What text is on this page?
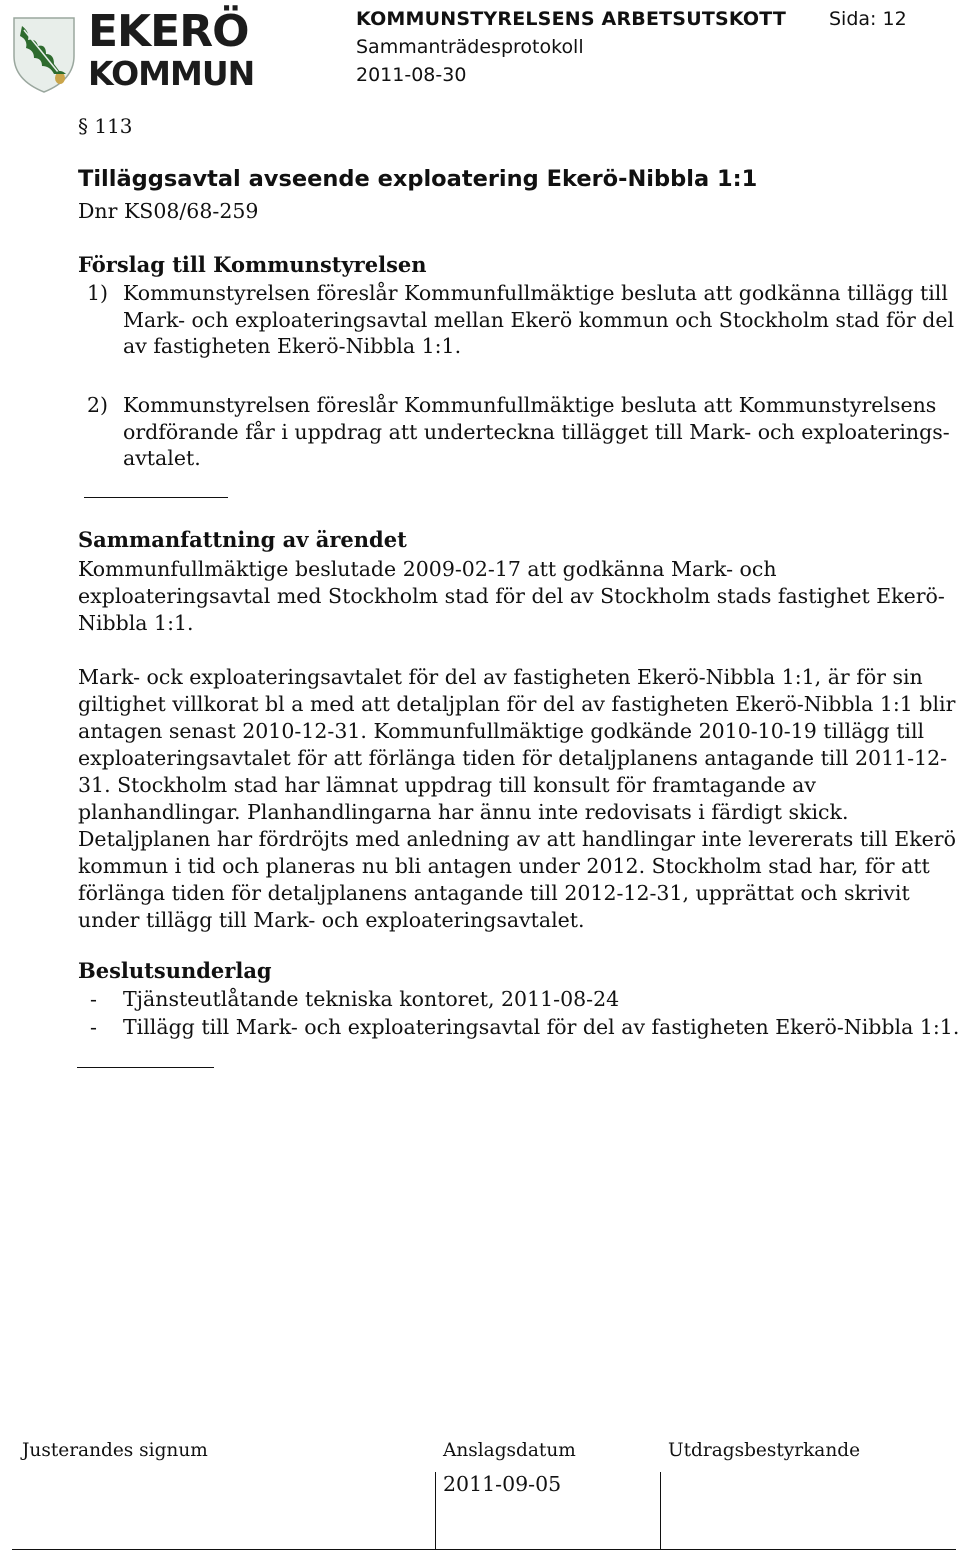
EKERÖ
KOMMUN
KOMMUNSTYRELSENS ARBETSUTSKOTT Sida: 12
Sammanträdesprotokoll
2011-08-30
§ 113
Tilläggsavtal avseende exploatering Ekerö-Nibbla 1:1
Dnr KS08/68-259
Förslag till Kommunstyrelsen
1) Kommunstyrelsen föreslår Kommunfullmäktige besluta att godkänna tillägg till Mark- och exploateringsavtal mellan Ekerö kommun och Stockholm stad för del av fastigheten Ekerö-Nibbla 1:1.
2) Kommunstyrelsen föreslår Kommunfullmäktige besluta att Kommunstyrelsens ordförande får i uppdrag att underteckna tillägget till Mark- och exploaterings-avtalet.
Sammanfattning av ärendet
Kommunfullmäktige beslutade 2009-02-17 att godkänna Mark- och exploateringsavtal med Stockholm stad för del av Stockholm stads fastighet Ekerö-Nibbla 1:1.
Mark- ock exploateringsavtalet för del av fastigheten Ekerö-Nibbla 1:1, är för sin giltighet villkorat bl a med att detaljplan för del av fastigheten Ekerö-Nibbla 1:1 blir antagen senast 2010-12-31. Kommunfullmäktige godkände 2010-10-19 tillägg till exploateringsavtalet för att förlänga tiden för detaljplanens antagande till 2011-12-31. Stockholm stad har lämnat uppdrag till konsult för framtagande av planhandlingar. Planhandlingarna har ännu inte redovisats i färdigt skick. Detaljplanen har fördröjts med anledning av att handlingar inte levererats till Ekerö kommun i tid och planeras nu bli antagen under 2012. Stockholm stad har, för att förlänga tiden för detaljplanens antagande till 2012-12-31, upprättat och skrivit under tillägg till Mark- och exploateringsavtalet.
Beslutsunderlag
- Tjänsteutlåtande tekniska kontoret, 2011-08-24
- Tillägg till Mark- och exploateringsavtal för del av fastigheten Ekerö-Nibbla 1:1.
Justerandes signum	Anslagsdatum	Utdragsbestyrkande
2011-09-05
